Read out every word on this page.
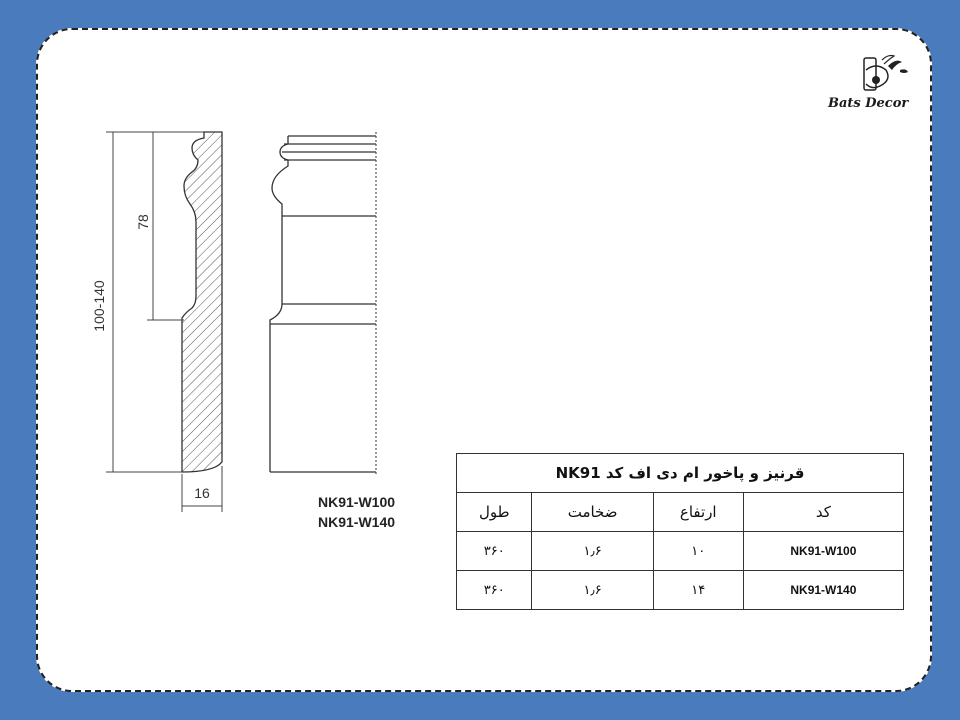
100-140
78
16
NK91-W100
NK91-W140
Bats Decor
قرنیز و پاخور ام دی اف کد NK91			
طول	ضخامت	ارتفاع	کد
۳۶۰	۱٫۶	۱۰	NK91-W100
۳۶۰	۱٫۶	۱۴	NK91-W140
